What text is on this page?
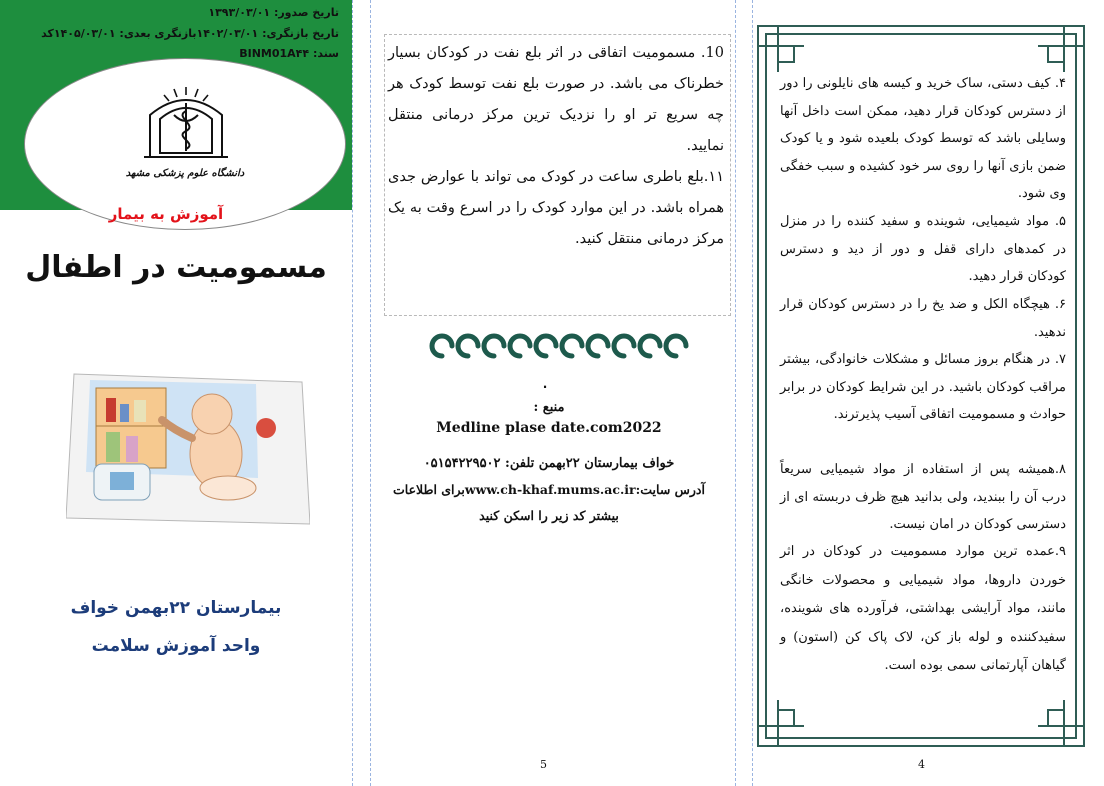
تاریخ صدور: ۱۳۹۳/۰۳/۰۱
تاریخ بازنگری: ۱۴۰۲/۰۳/۰۱بازنگری بعدی: ۱۴۰۵/۰۳/۰۱کد
سند: BINM01A۴۴
دانشگاه علوم پزشکی مشهد
آموزش به بیمار
مسمومیت در اطفال
بیمارستان ۲۲بهمن خواف
واحد آموزش سلامت
10. مسمومیت اتفاقی در اثر بلع نفت در کودکان بسیار خطرناک می باشد. در صورت بلع نفت توسط کودک هر چه سریع تر او را نزدیک ترین مرکز درمانی منتقل نمایید.
۱۱.بلع باطری ساعت در کودک می تواند با عوارض جدی همراه باشد. در این موارد کودک را در اسرع وقت به یک مرکز درمانی منتقل کنید.
.
منبع :
Medline plase date.com2022
خواف بیمارستان ۲۲بهمن تلفن: ۰۵۱۵۴۲۲۹۵۰۲
آدرس سایت:www.ch-khaf.mums.ac.irبرای اطلاعات
بیشتر کد زیر را اسکن کنید
5
۴. کیف دستی، ساک خرید و کیسه های نایلونی را دور از دسترس کودکان قرار دهید، ممکن است داخل آنها وسایلی باشد که توسط کودک بلعیده شود و یا کودک ضمن بازی آنها را روی سر خود کشیده و سبب خفگی وی شود.
۵. مواد شیمیایی، شوینده و سفید کننده را در منزل در کمدهای دارای قفل و دور از دید و دسترس کودکان قرار دهید.
۶. هیچگاه الکل و ضد یخ را در دسترس کودکان قرار ندهید.
۷. در هنگام بروز مسائل و مشکلات خانوادگی، بیشتر مراقب کودکان باشید. در این شرایط کودکان در برابر حوادث و مسمومیت اتفاقی آسیب پذیرترند.
۸.همیشه پس از استفاده از مواد شیمیایی سریعاً درب آن را ببندید، ولی بدانید هیچ ظرف دربسته ای از دسترسی کودکان در امان نیست.
۹.عمده ترین موارد مسمومیت در کودکان در اثر خوردن داروها، مواد شیمیایی و محصولات خانگی مانند، مواد آرایشی بهداشتی، فرآورده های شوینده، سفیدکننده و لوله باز کن، لاک پاک کن (استون) و گیاهان آپارتمانی سمی بوده است.
4
